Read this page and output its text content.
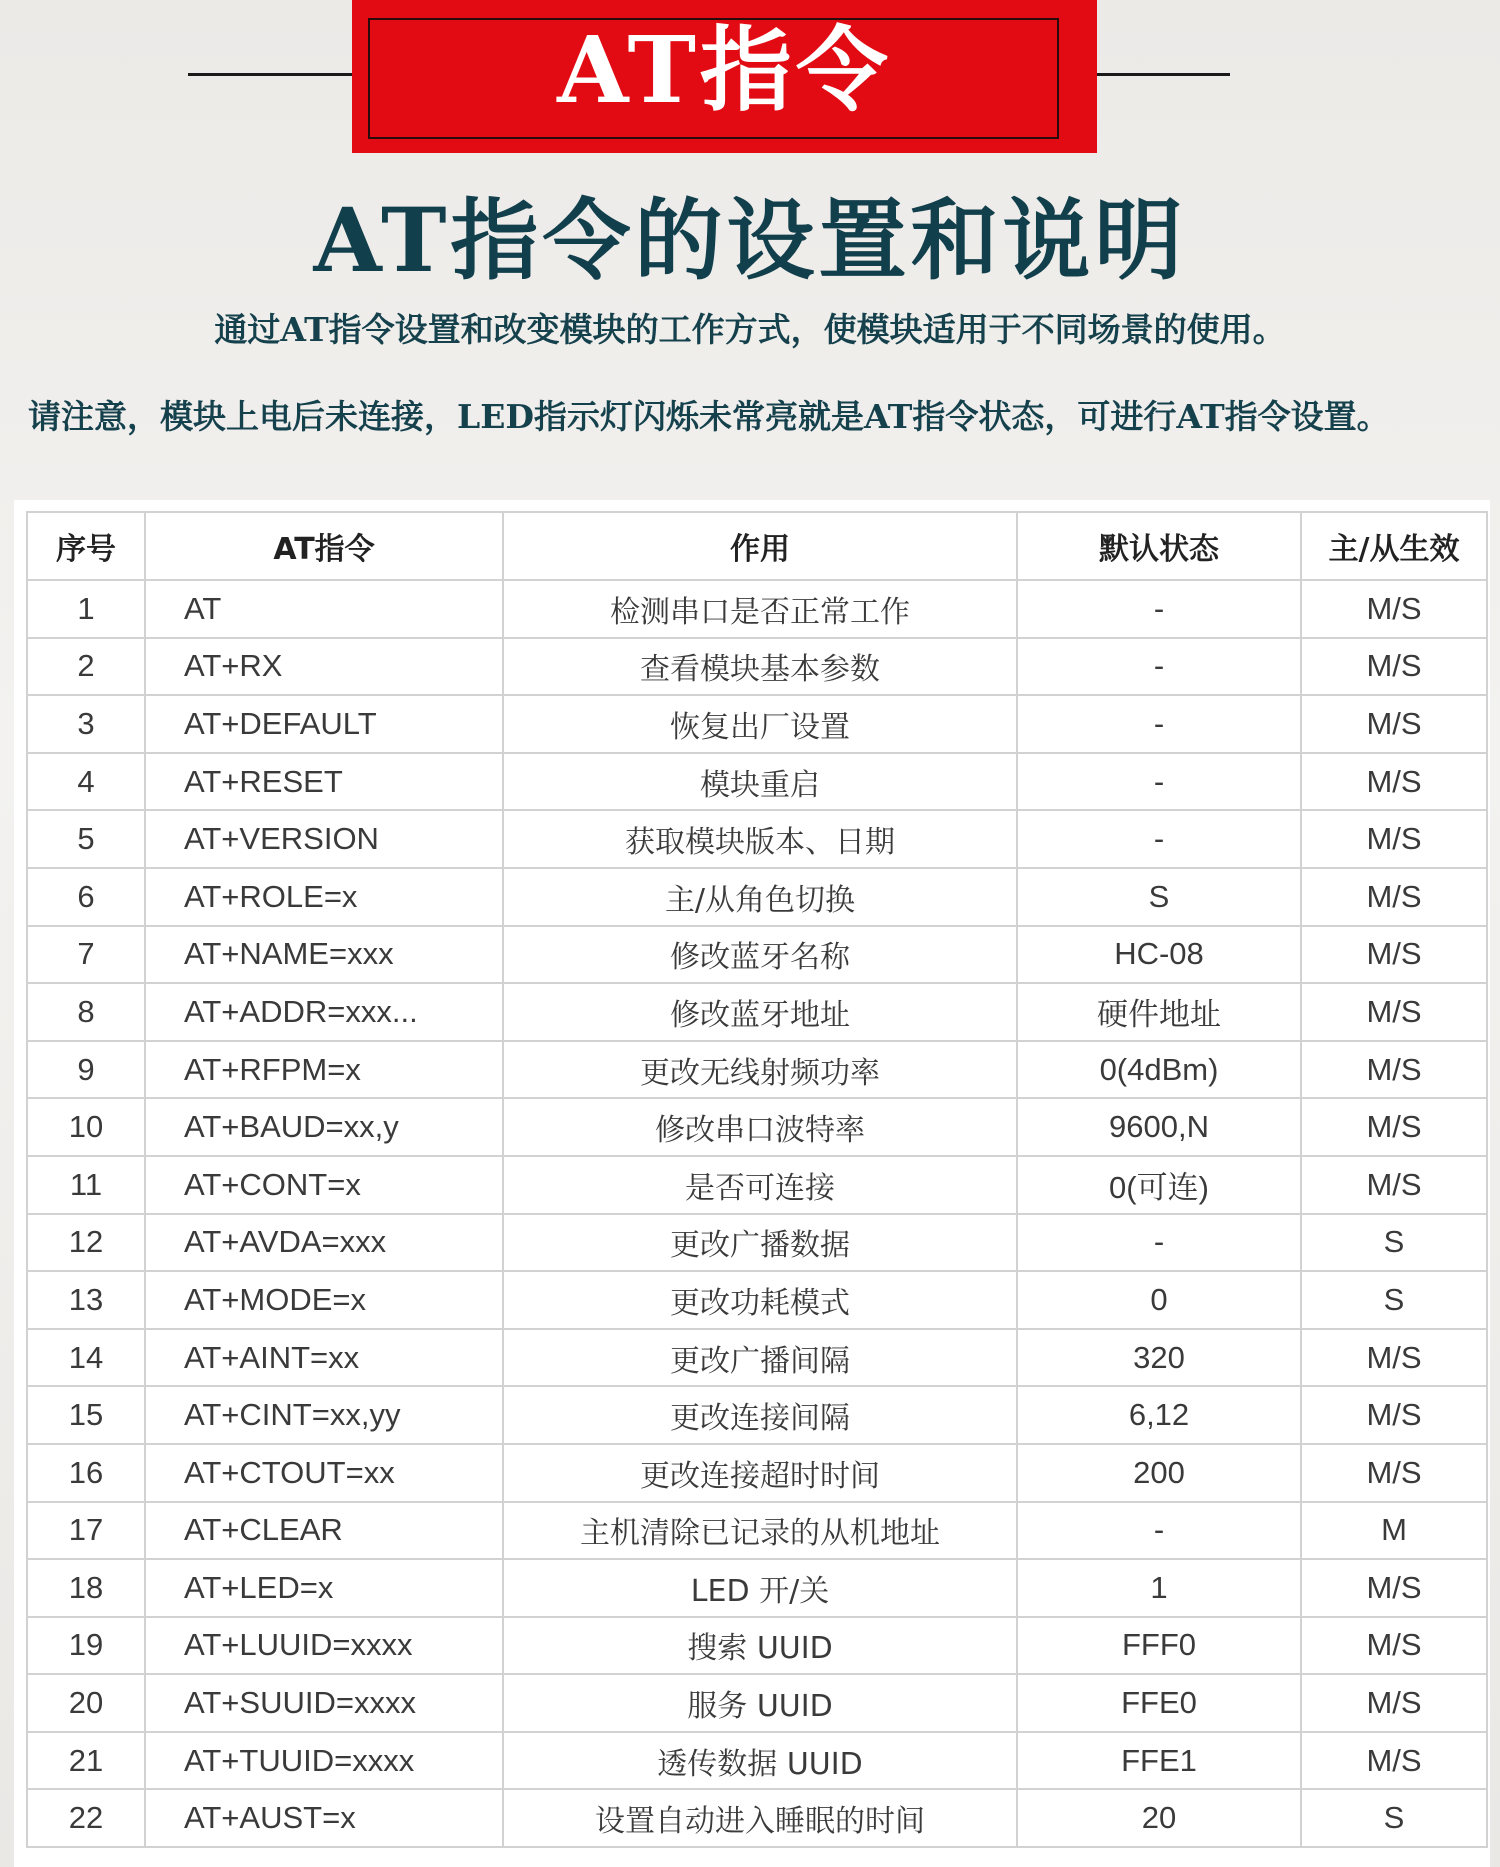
AT指令
AT指令的设置和说明
通过AT指令设置和改变模块的工作方式，使模块适用于不同场景的使用。
请注意，模块上电后未连接，LED指示灯闪烁未常亮就是AT指令状态，可进行AT指令设置。
序号	AT指令	作用	默认状态	主/从生效
1	AT	检测串口是否正常工作	-	M/S
2	AT+RX	查看模块基本参数	-	M/S
3	AT+DEFAULT	恢复出厂设置	-	M/S
4	AT+RESET	模块重启	-	M/S
5	AT+VERSION	获取模块版本、日期	-	M/S
6	AT+ROLE=x	主/从角色切换	S	M/S
7	AT+NAME=xxx	修改蓝牙名称	HC-08	M/S
8	AT+ADDR=xxx...	修改蓝牙地址	硬件地址	M/S
9	AT+RFPM=x	更改无线射频功率	0(4dBm)	M/S
10	AT+BAUD=xx,y	修改串口波特率	9600,N	M/S
11	AT+CONT=x	是否可连接	0(可连)	M/S
12	AT+AVDA=xxx	更改广播数据	-	S
13	AT+MODE=x	更改功耗模式	0	S
14	AT+AINT=xx	更改广播间隔	320	M/S
15	AT+CINT=xx,yy	更改连接间隔	6,12	M/S
16	AT+CTOUT=xx	更改连接超时时间	200	M/S
17	AT+CLEAR	主机清除已记录的从机地址	-	M
18	AT+LED=x	LED 开/关	1	M/S
19	AT+LUUID=xxxx	搜索 UUID	FFF0	M/S
20	AT+SUUID=xxxx	服务 UUID	FFE0	M/S
21	AT+TUUID=xxxx	透传数据 UUID	FFE1	M/S
22	AT+AUST=x	设置自动进入睡眠的时间	20	S
